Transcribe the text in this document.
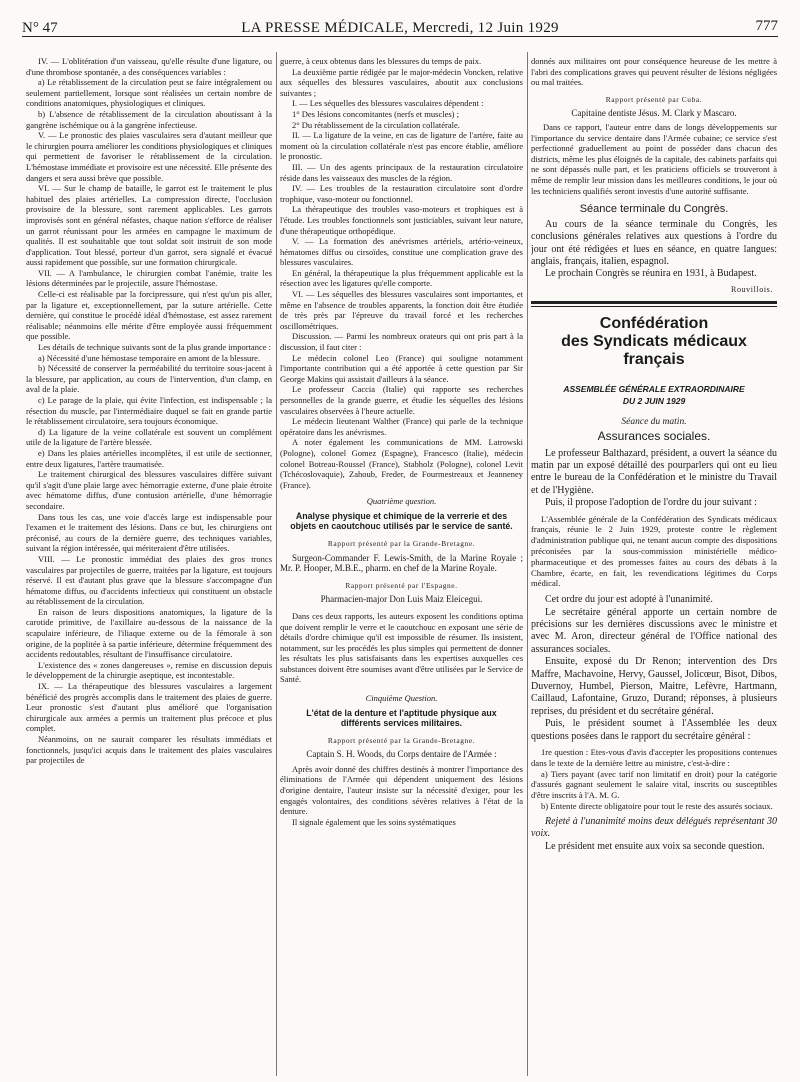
N° 47	LA PRESSE MÉDICALE, Mercredi, 12 Juin 1929	777

IV. — L'oblitération d'un vaisseau, qu'elle résulte d'une ligature, ou d'une thrombose spontanée, a des conséquences variables :

a) Le rétablissement de la circulation peut se faire intégralement ou seulement partiellement, lorsque sont réalisées un certain nombre de conditions anatomiques, physiologiques et cliniques.

b) L'absence de rétablissement de la circulation aboutissant à la gangrène ischémique ou à la gangrène infectieuse.

V. — Le pronostic des plaies vasculaires sera d'autant meilleur que le chirurgien pourra améliorer les conditions physiologiques et cliniques qui permettent de favoriser le rétablissement de la circulation. L'hémostase immédiate et provisoire est une nécessité. Elle présente des dangers et sera aussi brève que possible.

VI. — Sur le champ de bataille, le garrot est le traitement le plus habituel des plaies artérielles. La compression directe, l'occlusion provisoire de la blessure, sont rarement applicables. Les garrots improvisés sont en général néfastes, chaque nation s'efforce de réaliser un garrot réunissant pour les armées en campagne le maximum de qualités. Il est souhaitable que tout soldat soit instruit de son mode d'application. Tout blessé, porteur d'un garrot, sera signalé et évacué aussi rapidement que possible, sur une formation chirurgicale.

VII. — A l'ambulance, le chirurgien combat l'anémie, traite les lésions déterminées par le projectile, assure l'hémostase.

Celle-ci est réalisable par la forcipressure, qui n'est qu'un pis aller, par la ligature et, exceptionnellement, par la suture artérielle. Cette dernière, qui constitue le procédé idéal d'hémostase, est assez rarement réalisable; néanmoins elle mérite d'être employée aussi fréquemment que possible.

Les détails de technique suivants sont de la plus grande importance :

a) Nécessité d'une hémostase temporaire en amont de la blessure.

b) Nécessité de conserver la perméabilité du territoire sous-jacent à la blessure, par application, au cours de l'intervention, d'un clamp, en aval de la plaie.

c) Le parage de la plaie, qui évite l'infection, est indispensable ; la résection du muscle, par l'intermédiaire duquel se fait en grande partie le rétablissement circulatoire, sera toujours économique.

d) La ligature de la veine collatérale est souvent un complément utile de la ligature de l'artère blessée.

e) Dans les plaies artérielles incomplètes, il est utile de sectionner, entre deux ligatures, l'artère traumatisée.

Le traitement chirurgical des blessures vasculaires diffère suivant qu'il s'agit d'une plaie large avec hémorragie externe, d'une plaie étroite avec hématome diffus, d'une contusion artérielle, d'une hémorragie secondaire.

Dans tous les cas, une voie d'accès large est indispensable pour l'examen et le traitement des lésions. Dans ce but, les chirurgiens ont préconisé, au cours de la dernière guerre, des techniques variables, suivant la région intéressée, qui mériteraient d'être utilisées.

VIII. — Le pronostic immédiat des plaies des gros troncs vasculaires par projectiles de guerre, traitées par la ligature, est toujours réservé. Il est d'autant plus grave que la blessure s'accompagne d'un hématome diffus, ou d'accidents infectieux qui constituent un obstacle au rétablissement de la circulation.

En raison de leurs dispositions anatomiques, la ligature de la carotide primitive, de l'axillaire au-dessous de la naissance de la scapulaire inférieure, de l'iliaque externe ou de la fémorale à son origine, de la poplitée à sa partie inférieure, détermine fréquemment des accidents redoutables, résultant de l'insuffisance circulatoire.

L'existence des « zones dangereuses », remise en discussion depuis le développement de la chirurgie aseptique, est incontestable.

IX. — La thérapeutique des blessures vasculaires a largement bénéficié des progrès accomplis dans le traitement des plaies de guerre. Leur pronostic s'est d'autant plus amélioré que l'organisation chirurgicale aux armées a permis un traitement plus précoce et plus complet.

Néanmoins, on ne saurait comparer les résultats immédiats et fonctionnels, jusqu'ici acquis dans le traitement des plaies vasculaires par projectiles de

guerre, à ceux obtenus dans les blessures du temps de paix.

La deuxième partie rédigée par le major-médecin Voncken, relative aux séquelles des blessures vasculaires, aboutit aux conclusions suivantes ;

I. — Les séquelles des blessures vasculaires dépendent :

1° Des lésions concomitantes (nerfs et muscles) ;

2° Du rétablissement de la circulation collatérale.

II. — La ligature de la veine, en cas de ligature de l'artère, faite au moment où la circulation collatérale n'est pas encore établie, améliore le pronostic.

III. — Un des agents principaux de la restauration circulatoire réside dans les vaisseaux des muscles de la région.

IV. — Les troubles de la restauration circulatoire sont d'ordre trophique, vaso-moteur ou fonctionnel.

La thérapeutique des troubles vaso-moteurs et trophiques est à l'étude. Les troubles fonctionnels sont justiciables, suivant leur nature, d'une thérapeutique orthopédique.

V. — La formation des anévrismes artériels, artério-veineux, hématomes diffus ou cirsoïdes, constitue une complication grave des blessures vasculaires.

En général, la thérapeutique la plus fréquemment applicable est la résection avec les ligatures qu'elle comporte.

VI. — Les séquelles des blessures vasculaires sont importantes, et même en l'absence de troubles apparents, la fonction doit être étudiée de très près par l'épreuve du travail forcé et les recherches oscillométriques.

Discussion. — Parmi les nombreux orateurs qui ont pris part à la discussion, il faut citer :

Le médecin colonel Leo (France) qui souligne notamment l'importante contribution qui a été apportée à cette question par Sir George Makins qui assistait d'ailleurs à la séance.

Le professeur Caccia (Italie) qui rapporte ses recherches personnelles de la grande guerre, et étudie les séquelles des lésions vasculaires observées à l'heure actuelle.

Le médecin lieutenant Walther (France) qui parle de la technique opératoire dans les anévrismes.

A noter également les communications de MM. Latrowski (Pologne), colonel Gomez (Espagne), Francesco (Italie), médecin colonel Botreau-Roussel (France), Stabholz (Pologne), colonel Levit (Tchécoslovaquie), Zahoub, Freder, de Fourmestreaux et Jeanneney (France).

Quatrième question.
Analyse physique et chimique de la verrerie et des objets en caoutchouc utilisés par le service de santé.
Rapport présenté par la Grande-Bretagne.

Surgeon-Commander F. Lewis-Smith, de la Marine Royale ; Mr. P. Hooper, M.B.E., pharm. en chef de la Marine Royale.

Rapport présenté par l'Espagne.

Pharmacien-major Don Luis Maiz Eleicegui.

Dans ces deux rapports, les auteurs exposent les conditions optima que doivent remplir le verre et le caoutchouc en exposant une série de détails d'ordre chimique qu'il est impossible de résumer. Ils insistent, notamment, sur les procédés les plus simples qui permettent de donner les résultats les plus satisfaisants dans les expertises auxquelles ces substances doivent être soumises avant d'être utilisées par le Service de Santé.

Cinquième Question.
L'état de la denture et l'aptitude physique aux différents services militaires.
Rapport présenté par la Grande-Bretagne.

Captain S. H. Woods, du Corps dentaire de l'Armée :

Après avoir donné des chiffres destinés à montrer l'importance des éliminations de l'Armée qui dépendent uniquement des lésions d'origine dentaire, l'auteur insiste sur la nécessité d'exiger, pour les engagés volontaires, des conditions sévères relatives à l'état de la denture.

Il signale également que les soins systématiques

donnés aux militaires ont pour conséquence heureuse de les mettre à l'abri des complications graves qui peuvent résulter de lésions négligées ou mal traitées.

Rapport présenté par Cuba.

Capitaine dentiste Jésus. M. Clark y Mascaro.

Dans ce rapport, l'auteur entre dans de longs développements sur l'importance du service dentaire dans l'Armée cubaine; ce service s'est perfectionné graduellement au point de posséder dans chacun des districts, même les plus éloignés de la capitale, des cabinets parfaits qui ne sont dépassés nulle part, et les praticiens officiels se trouveront à même de remplir leur mission dans les meilleures conditions, le jour où les techniciens qualifiés seront investis d'une autorité suffisante.

Séance terminale du Congrès.

Au cours de la séance terminale du Congrès, les conclusions générales relatives aux questions à l'ordre du jour ont été rédigées et lues en séance, en quatre langues: anglais, français, italien, espagnol.

Le prochain Congrès se réunira en 1931, à Budapest.

Rouvillois.
Confédération
des Syndicats médicaux français
ASSEMBLÉE GÉNÉRALE EXTRAORDINAIRE
DU 2 JUIN 1929
Séance du matin.
Assurances sociales.

Le professeur Balthazard, président, a ouvert la séance du matin par un exposé détaillé des pourparlers qui ont eu lieu entre le bureau de la Confédération et le ministre du Travail et de l'Hygiène.

Puis, il propose l'adoption de l'ordre du jour suivant :

L'Assemblée générale de la Confédération des Syndicats médicaux français, réunie le 2 Juin 1929, proteste contre le règlement d'administration publique qui, ne tenant aucun compte des dispositions préconisées par la sous-commission ministérielle médico-pharmaceutique et des promesses faites au cours des débats à la Chambre, écarte, en fait, les revendications légitimes du Corps médical.

Cet ordre du jour est adopté à l'unanimité.

Le secrétaire général apporte un certain nombre de précisions sur les dernières discussions avec le ministre et avec M. Aron, directeur général de l'Office national des assurances sociales.

Ensuite, exposé du Dr Renon; intervention des Drs Maffre, Machavoine, Hervy, Gaussel, Jolicœur, Bisot, Dibos, Duvernoy, Humbel, Pierson, Maitre, Lefèvre, Hartmann, Caillaud, Lafontaine, Gruzo, Durand; réponses, à plusieurs reprises, du président et du secrétaire général.

Puis, le président soumet à l'Assemblée les deux questions posées dans le rapport du secrétaire général :

1re question : Etes-vous d'avis d'accepter les propositions contenues dans le texte de la dernière lettre au ministre, c'est-à-dire :

a) Tiers payant (avec tarif non limitatif en droit) pour la catégorie d'assurés gagnant seulement le salaire vital, inscrits ou susceptibles d'être inscrits à l'A. M. G.

b) Entente directe obligatoire pour tout le reste des assurés sociaux.

Rejeté à l'unanimité moins deux délégués représentant 30 voix.

Le président met ensuite aux voix sa seconde question.
